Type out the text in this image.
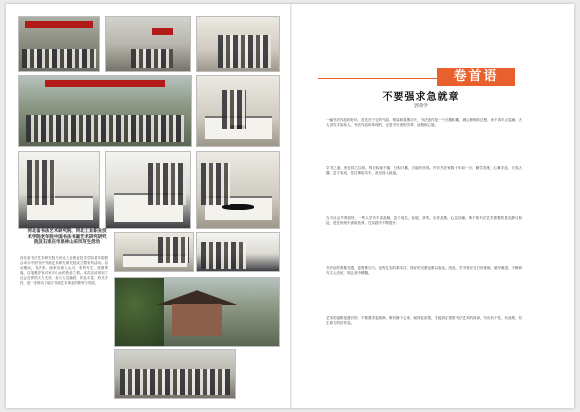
河北省书法艺术研究院、河北工业职业技术学院老年院中国书法书画艺术研究研究院及石家庄市泉林山采风写生活动
河北省书法艺术研究院与河北工业职业技术学院老年院联合举办中国书法书画艺术研究研究院成立暨采风活动。活动期间，书法家、画家们深入山川，采风写生，泼墨挥毫，以笔墨抒发对家乡山水的热爱之情。本次活动得到了社会各界的大力支持，参与人员踊跃，作品丰富，形式多样，进一步推动了地方书画艺术事业的繁荣与发展。
卷首语
不要强求急就章
郭荣学
一幅书法作品的好坏，首先在于它的气韵、格局和笔墨功夫，书法创作是一个长期积累、潜心修炼的过程，来不得半点急躁。古人讲究字如其人，书法作品所体现的，正是书写者的学养、品格和心境。
学书之道，贵在持之以恒。每日临池不辍，日积月累，方能有所得。许多书法家数十年如一日，勤学苦练，心摹手追，方成大器。急于求成，往往事倍功半，甚至误入歧途。
当今社会节奏加快，一些人学书不求甚解，急于成名，参展、获奖、出作品集，心态浮躁。殊不知书法艺术需要的是沉静与积淀，是在传统中汲取营养，在实践中不断提升。
书法创作需要灵感，更需要功力。没有扎实的基本功，再好的灵感也难以表达。因此，学书者应当打好基础，循序渐进，不断研究古人法帖，领会其中精髓。
艺术的道路是漫长的，不要强求急就章。唯有静下心来，耐得住寂寞，才能真正领悟书法艺术的真谛，写出有个性、有品格、有生命力的好作品。
